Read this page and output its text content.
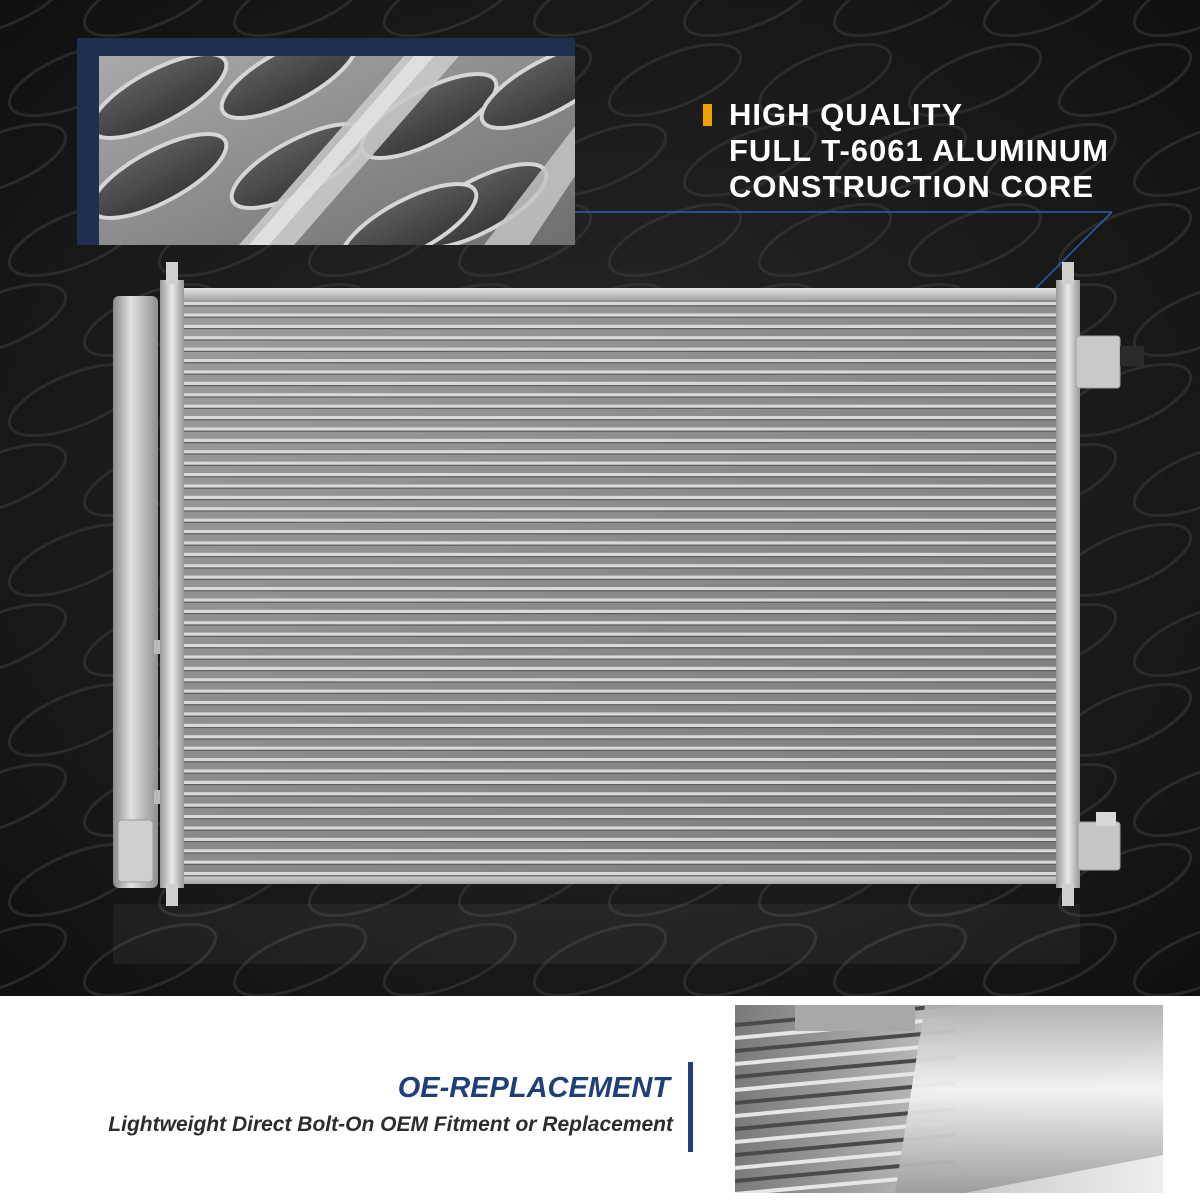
HIGH QUALITY
FULL T-6061 ALUMINUM
CONSTRUCTION CORE
OE-REPLACEMENT
Lightweight Direct Bolt-On OEM Fitment or Replacement
